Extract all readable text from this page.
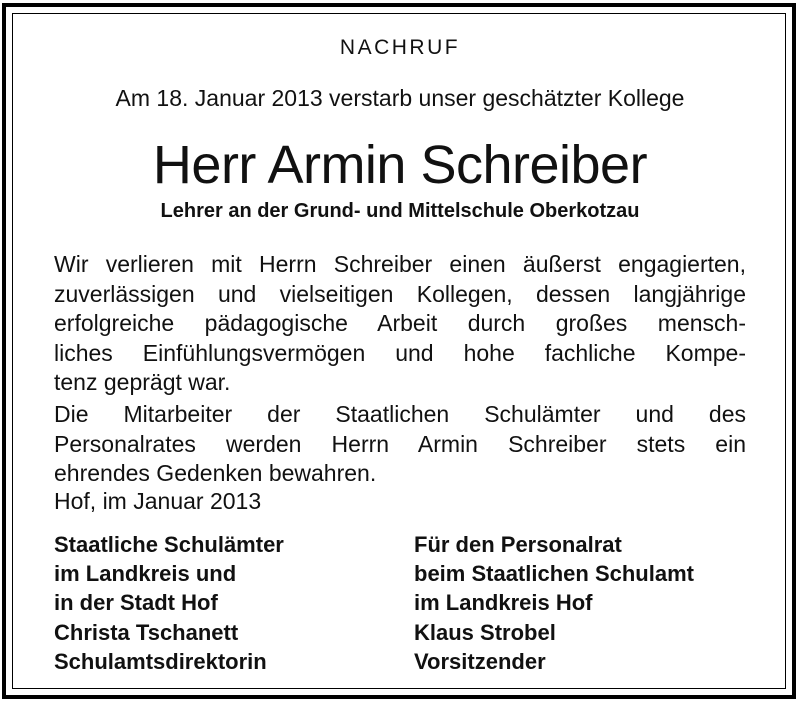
NACHRUF
Am 18. Januar 2013 verstarb unser geschätzter Kollege
Herr Armin Schreiber
Lehrer an der Grund- und Mittelschule Oberkotzau
Wir verlieren mit Herrn Schreiber einen äußerst engagierten,
zuverlässigen und vielseitigen Kollegen, dessen langjährige
erfolgreiche pädagogische Arbeit durch großes mensch-
liches Einfühlungsvermögen und hohe fachliche Kompe-
tenz geprägt war.
Die Mitarbeiter der Staatlichen Schulämter und des
Personalrates werden Herrn Armin Schreiber stets ein
ehrendes Gedenken bewahren.
Hof, im Januar 2013
Staatliche Schulämter
im Landkreis und
in der Stadt Hof
Christa Tschanett
Schulamtsdirektorin
Für den Personalrat
beim Staatlichen Schulamt
im Landkreis Hof
Klaus Strobel
Vorsitzender
